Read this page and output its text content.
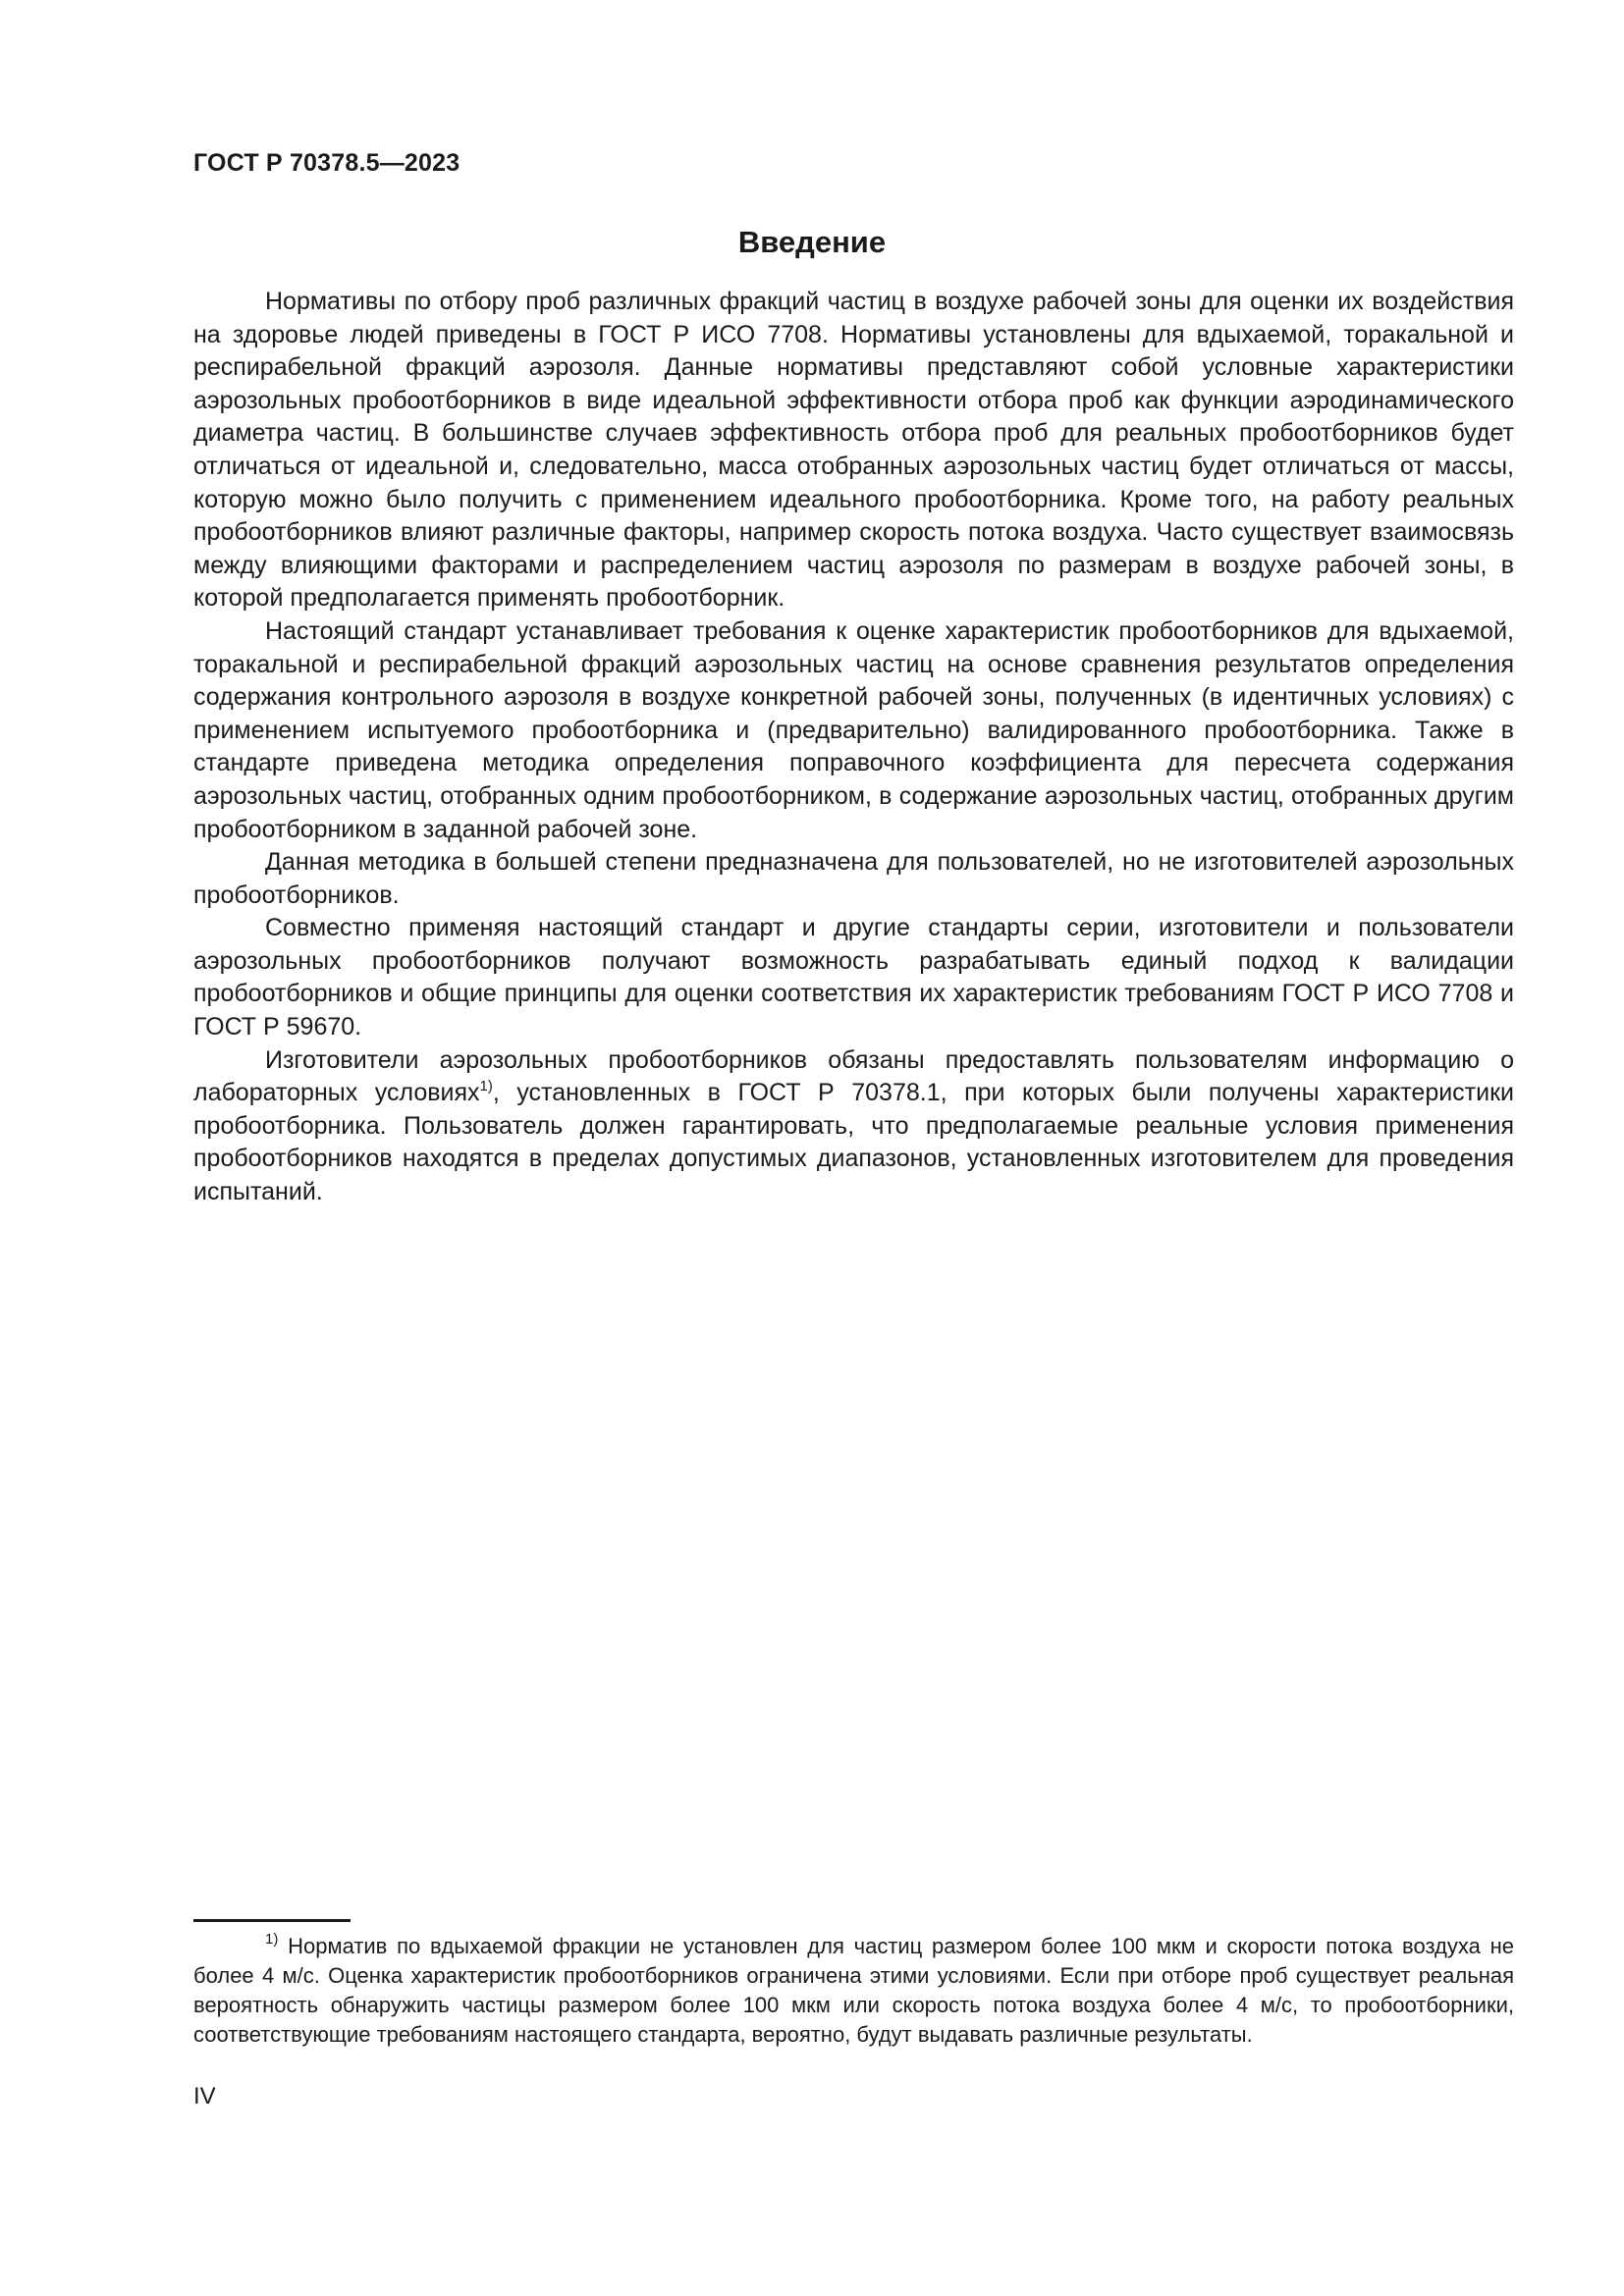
ГОСТ Р 70378.5—2023
Введение

Нормативы по отбору проб различных фракций частиц в воздухе рабочей зоны для оценки их воздействия на здоровье людей приведены в ГОСТ Р ИСО 7708. Нормативы установлены для вдыхаемой, торакальной и респирабельной фракций аэрозоля. Данные нормативы представляют собой условные характеристики аэрозольных пробоотборников в виде идеальной эффективности отбора проб как функции аэродинамического диаметра частиц. В большинстве случаев эффективность отбора проб для реальных пробоотборников будет отличаться от идеальной и, следовательно, масса отобранных аэрозольных частиц будет отличаться от массы, которую можно было получить с применением идеального пробоотборника. Кроме того, на работу реальных пробоотборников влияют различные факторы, например скорость потока воздуха. Часто существует взаимосвязь между влияющими факторами и распределением частиц аэрозоля по размерам в воздухе рабочей зоны, в которой предполагается применять пробоотборник.

Настоящий стандарт устанавливает требования к оценке характеристик пробоотборников для вдыхаемой, торакальной и респирабельной фракций аэрозольных частиц на основе сравнения результатов определения содержания контрольного аэрозоля в воздухе конкретной рабочей зоны, полученных (в идентичных условиях) с применением испытуемого пробоотборника и (предварительно) валидированного пробоотборника. Также в стандарте приведена методика определения поправочного коэффициента для пересчета содержания аэрозольных частиц, отобранных одним пробоотборником, в содержание аэрозольных частиц, отобранных другим пробоотборником в заданной рабочей зоне.

Данная методика в большей степени предназначена для пользователей, но не изготовителей аэрозольных пробоотборников.

Совместно применяя настоящий стандарт и другие стандарты серии, изготовители и пользователи аэрозольных пробоотборников получают возможность разрабатывать единый подход к валидации пробоотборников и общие принципы для оценки соответствия их характеристик требованиям ГОСТ Р ИСО 7708 и ГОСТ Р 59670.

Изготовители аэрозольных пробоотборников обязаны предоставлять пользователям информацию о лабораторных условиях$^{1)}$, установленных в ГОСТ Р 70378.1, при которых были получены характеристики пробоотборника. Пользователь должен гарантировать, что предполагаемые реальные условия применения пробоотборников находятся в пределах допустимых диапазонов, установленных изготовителем для проведения испытаний.

$^{1)}$ Норматив по вдыхаемой фракции не установлен для частиц размером более 100 мкм и скорости потока воздуха не более 4 м/с. Оценка характеристик пробоотборников ограничена этими условиями. Если при отборе проб существует реальная вероятность обнаружить частицы размером более 100 мкм или скорость потока воздуха более 4 м/с, то пробоотборники, соответствующие требованиям настоящего стандарта, вероятно, будут выдавать различные результаты.

IV
